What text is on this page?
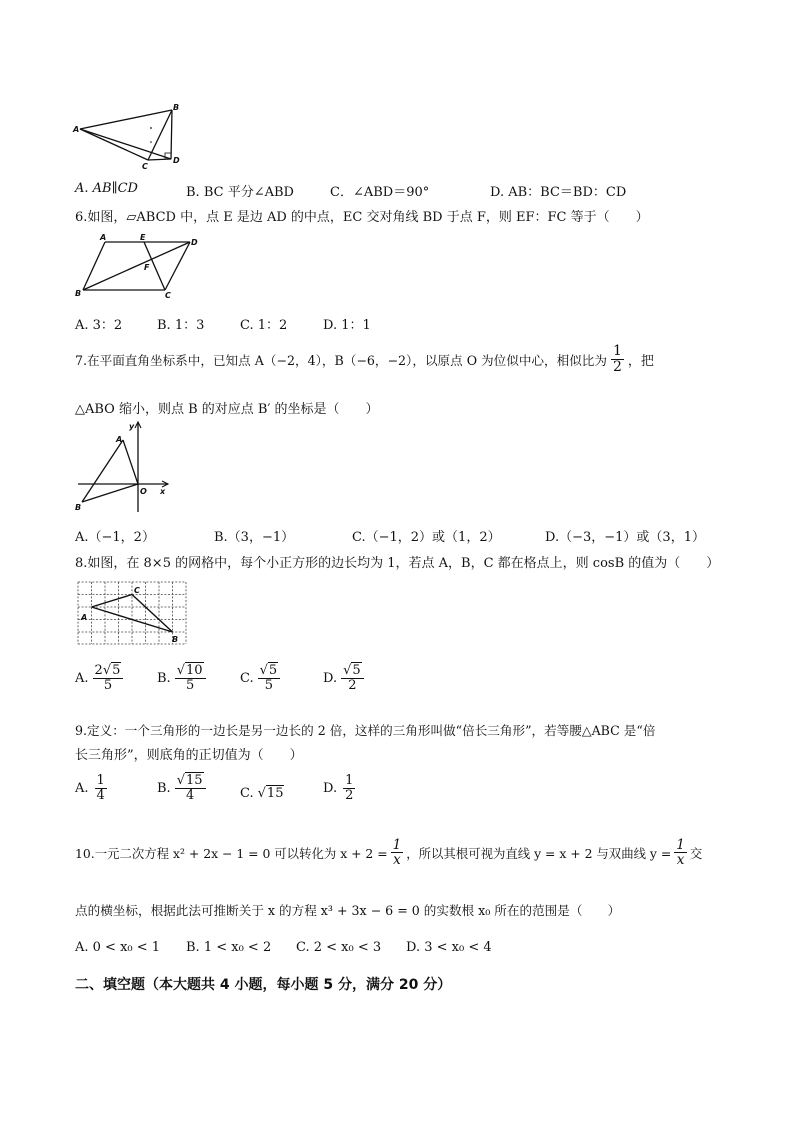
A
B
C
D
A. AB∥CD	B. BC 平分∠ABD	C．∠ABD＝90°	D. AB：BC＝BD：CD
6.如图，▱ABCD 中，点 E 是边 AD 的中点，EC 交对角线 BD 于点 F，则 EF：FC 等于（　　）
A	E
D
F
B	C
A. 3：2	B. 1：3	C. 1：2	D. 1：1
7.在平面直角坐标系中，已知点 A（−2，4），B（−6，−2），以原点 O 为位似中心，相似比为 $\frac{1}{2}$ ，把
△ABO 缩小，则点 B 的对应点 B′ 的坐标是（　　）
y
A
O x
B
A.（−1，2）	B.（3，−1）	C.（−1，2）或（1，2）	D.（−3，−1）或（3，1）
8.如图，在 8×5 的网格中，每个小正方形的边长均为 1，若点 A，B，C 都在格点上，则 cosB 的值为（　　）
C
A
B
A. $\frac{2√5}{5}$	B. $\frac{√10}{5}$	C. $\frac{√5}{5}$	D. $\frac{√5}{2}$
9.定义：一个三角形的一边长是另一边长的 2 倍，这样的三角形叫做“倍长三角形”，若等腰△ABC 是“倍
长三角形”，则底角的正切值为（　　）
A. $\frac{1}{4}$	B. $\frac{√15}{4}$	C. √15	D. $\frac{1}{2}$
10.一元二次方程 x² + 2x − 1 = 0 可以转化为 $x + 2 = \frac{1}{x}$ ，所以其根可视为直线 y = x + 2 与双曲线 $y = \frac{1}{x}$ 交
点的横坐标，根据此法可推断关于 x 的方程 x³ + 3x − 6 = 0 的实数根 x₀ 所在的范围是（　　）
A. 0 < x₀ < 1 B. 1 < x₀ < 2 C. 2 < x₀ < 3 D. 3 < x₀ < 4
二、填空题（本大题共 4 小题，每小题 5 分，满分 20 分）
